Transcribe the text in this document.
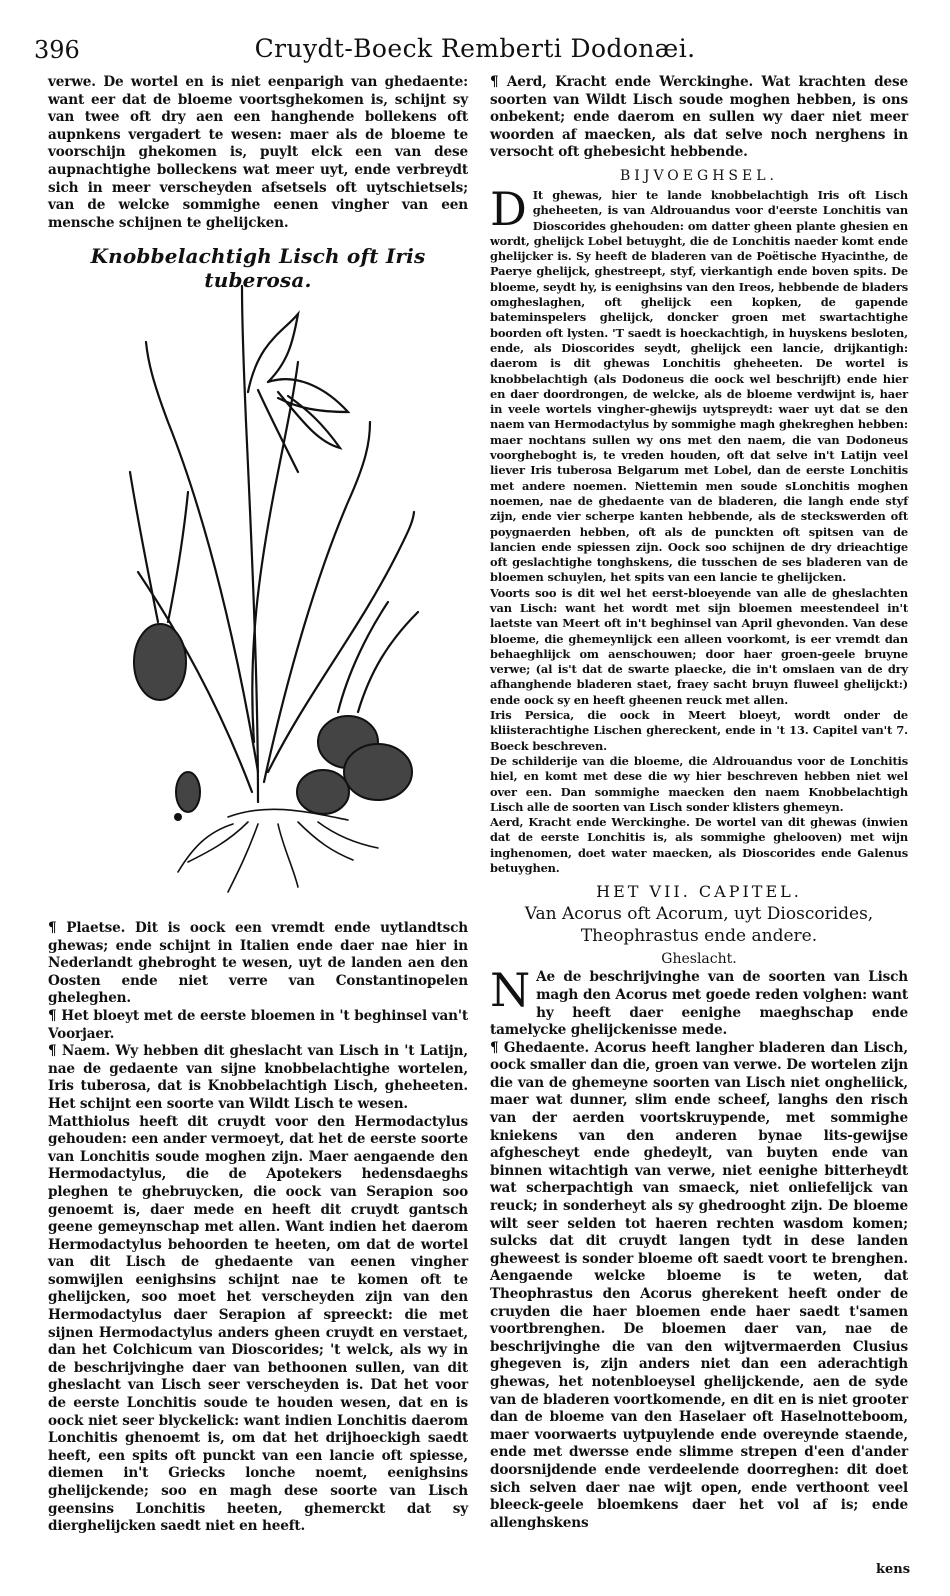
396	Cruydt-Boeck Remberti Dodonæi.

verwe. De wortel en is niet eenparigh van ghedaente: want eer dat de bloeme voortsghekomen is, schijnt sy van twee oft dry aen een hanghende bollekens oft aupnkens vergadert te wesen: maer als de bloeme te voorschijn ghekomen is, puylt elck een van dese aupnachtighe bolleckens wat meer uyt, ende verbreydt sich in meer verscheyden afsetsels oft uytschietsels; van de welcke sommighe eenen vingher van een mensche schijnen te ghelijcken.

Knobbelachtigh Lisch oft Iris tuberosa.

¶ Plaetse. Dit is oock een vremdt ende uytlandtsch ghewas; ende schijnt in Italien ende daer nae hier in Nederlandt ghebroght te wesen, uyt de landen aen den Oosten ende niet verre van Constantinopelen gheleghen.

¶ Het bloeyt met de eerste bloemen in 't beghinsel van't Voorjaer.

¶ Naem. Wy hebben dit gheslacht van Lisch in 't Latijn, nae de gedaente van sijne knobbelachtighe wortelen, Iris tuberosa, dat is Knobbelachtigh Lisch, gheheeten. Het schijnt een soorte van Wildt Lisch te wesen.

Matthiolus heeft dit cruydt voor den Hermodactylus gehouden: een ander vermoeyt, dat het de eerste soorte van Lonchitis soude moghen zijn. Maer aengaende den Hermodactylus, die de Apotekers hedensdaeghs pleghen te ghebruycken, die oock van Serapion soo genoemt is, daer mede en heeft dit cruydt gantsch geene gemeynschap met allen. Want indien het daerom Hermodactylus behoorden te heeten, om dat de wortel van dit Lisch de ghedaente van eenen vingher somwijlen eenighsins schijnt nae te komen oft te ghelijcken, soo moet het verscheyden zijn van den Hermodactylus daer Serapion af spreeckt: die met sijnen Hermodactylus anders gheen cruydt en verstaet, dan het Colchicum van Dioscorides; 't welck, als wy in de beschrijvinghe daer van bethoonen sullen, van dit gheslacht van Lisch seer verscheyden is. Dat het voor de eerste Lonchitis soude te houden wesen, dat en is oock niet seer blyckelick: want indien Lonchitis daerom Lonchitis ghenoemt is, om dat het drijhoeckigh saedt heeft, een spits oft punckt van een lancie oft spiesse, diemen in't Griecks lonche noemt, eenighsins ghelijckende; soo en magh dese soorte van Lisch geensins Lonchitis heeten, ghemerckt dat sy dierghelijcken saedt niet en heeft.

¶ Aerd, Kracht ende Werckinghe. Wat krachten dese soorten van Wildt Lisch soude moghen hebben, is ons onbekent; ende daerom en sullen wy daer niet meer woorden af maecken, als dat selve noch nerghens in versocht oft ghebesicht hebbende.

BIJVOEGHSEL.

D It ghewas, hier te lande knobbelachtigh Iris oft Lisch gheheeten, is van Aldrouandus voor d'eerste Lonchitis van Dioscorides ghehouden: om datter gheen plante ghesien en wordt, ghelijck Lobel betuyght, die de Lonchitis naeder komt ende ghelijcker is. Sy heeft de bladeren van de Poëtische Hyacinthe, de Paerye ghelijck, ghestreept, styf, vierkantigh ende boven spits. De bloeme, seydt hy, is eenighsins van den Ireos, hebbende de bladers omgheslaghen, oft ghelijck een kopken, de gapende bateminspelers ghelijck, doncker groen met swartachtighe boorden oft lysten. 'T saedt is hoeckachtigh, in huyskens besloten, ende, als Dioscorides seydt, ghelijck een lancie, drijkantigh: daerom is dit ghewas Lonchitis gheheeten. De wortel is knobbelachtigh (als Dodoneus die oock wel beschrijft) ende hier en daer doordrongen, de welcke, als de bloeme verdwijnt is, haer in veele wortels vingher-ghewijs uytspreydt: waer uyt dat se den naem van Hermodactylus by sommighe magh ghekreghen hebben: maer nochtans sullen wy ons met den naem, die van Dodoneus voorgheboght is, te vreden houden, oft dat selve in't Latijn veel liever Iris tuberosa Belgarum met Lobel, dan de eerste Lonchitis met andere noemen. Niettemin men soude sLonchitis moghen noemen, nae de ghedaente van de bladeren, die langh ende styf zijn, ende vier scherpe kanten hebbende, als de steckswerden oft poygnaerden hebben, oft als de punckten oft spitsen van de lancien ende spiessen zijn. Oock soo schijnen de dry drieachtige oft geslachtighe tonghskens, die tusschen de ses bladeren van de bloemen schuylen, het spits van een lancie te ghelijcken.

Voorts soo is dit wel het eerst-bloeyende van alle de gheslachten van Lisch: want het wordt met sijn bloemen meestendeel in't laetste van Meert oft in't beghinsel van April ghevonden. Van dese bloeme, die ghemeynlijck een alleen voorkomt, is eer vremdt dan behaeghlijck om aenschouwen; door haer groen-geele bruyne verwe; (al is't dat de swarte plaecke, die in't omslaen van de dry afhanghende bladeren staet, fraey sacht bruyn fluweel ghelijckt:) ende oock sy en heeft gheenen reuck met allen.

Iris Persica, die oock in Meert bloeyt, wordt onder de kliisterachtighe Lischen ghereckent, ende in 't 13. Capitel van't 7. Boeck beschreven.

De schilderije van die bloeme, die Aldrouandus voor de Lonchitis hiel, en komt met dese die wy hier beschreven hebben niet wel over een. Dan sommighe maecken den naem Knobbelachtigh Lisch alle de soorten van Lisch sonder klisters ghemeyn.

Aerd, Kracht ende Werckinghe. De wortel van dit ghewas (inwien dat de eerste Lonchitis is, als sommighe ghelooven) met wijn inghenomen, doet water maecken, als Dioscorides ende Galenus betuyghen.

HET VII. CAPITEL.

Van Acorus oft Acorum, uyt Dioscorides,

Theophrastus ende andere.

Gheslacht.

N Ae de beschrijvinghe van de soorten van Lisch magh den Acorus met goede reden volghen: want hy heeft daer eenighe maeghschap ende tamelycke ghelijckenisse mede.

¶ Ghedaente. Acorus heeft langher bladeren dan Lisch, oock smaller dan die, groen van verwe. De wortelen zijn die van de ghemeyne soorten van Lisch niet ongheliick, maer wat dunner, slim ende scheef, langhs den risch van der aerden voortskruypende, met sommighe kniekens van den anderen bynae lits-gewijse afghescheyt ende ghedeylt, van buyten ende van binnen witachtigh van verwe, niet eenighe bitterheydt wat scherpachtigh van smaeck, niet onliefelijck van reuck; in sonderheyt als sy ghedrooght zijn. De bloeme wilt seer selden tot haeren rechten wasdom komen; sulcks dat dit cruydt langen tydt in dese landen gheweest is sonder bloeme oft saedt voort te brenghen. Aengaende welcke bloeme is te weten, dat Theophrastus den Acorus gherekent heeft onder de cruyden die haer bloemen ende haer saedt t'samen voortbrenghen. De bloemen daer van, nae de beschrijvinghe die van den wijtvermaerden Clusius ghegeven is, zijn anders niet dan een aderachtigh ghewas, het notenbloeysel ghelijckende, aen de syde van de bladeren voortkomende, en dit en is niet grooter dan de bloeme van den Haselaer oft Haselnotteboom, maer voorwaerts uytpuylende ende overeynde staende, ende met dwersse ende slimme strepen d'een d'ander doorsnijdende ende verdeelende doorreghen: dit doet sich selven daer nae wijt open, ende verthoont veel bleeck-geele bloemkens daer het vol af is; ende allenghskens

kens
